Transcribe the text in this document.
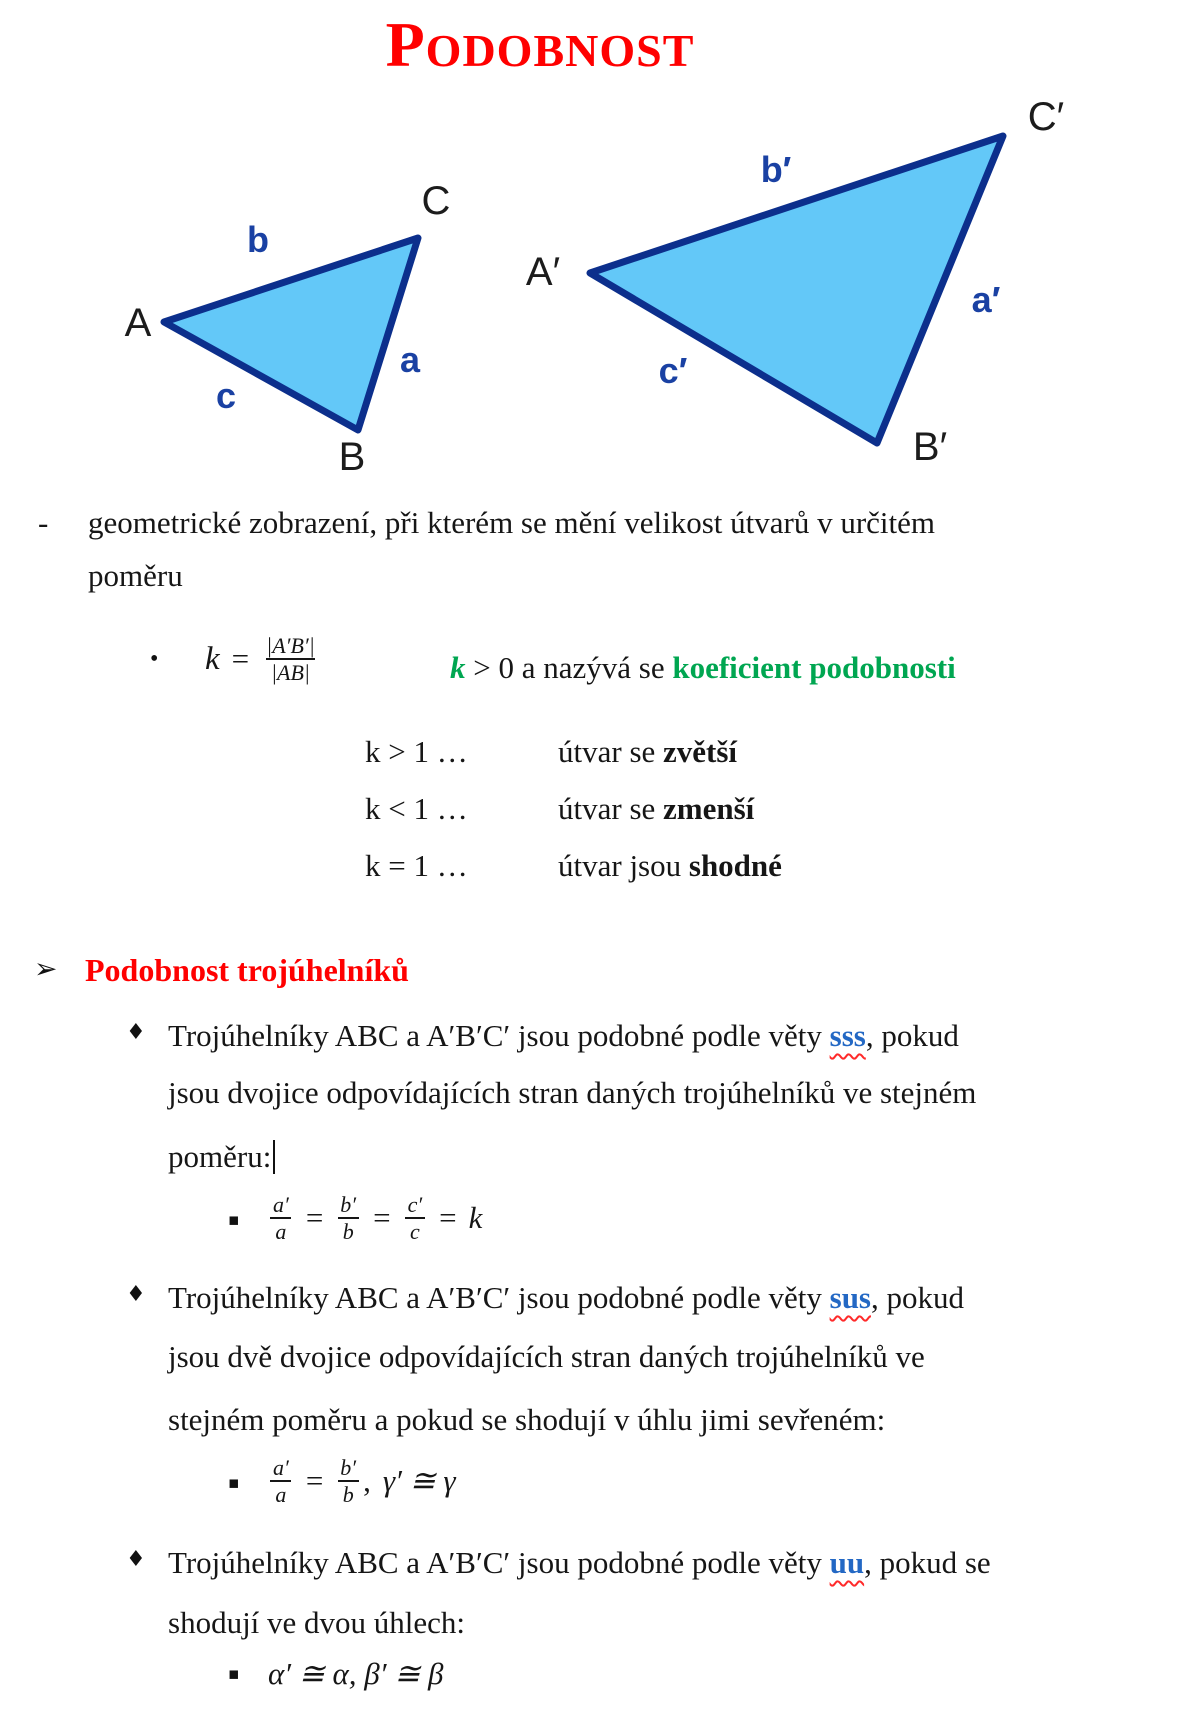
PODOBNOST
A
C
B
b
a
c
A′
C′
B′
b′
a′
c′
- geometrické zobrazení, při kterém se mění velikost útvarů v určitém
poměru
• $k = \frac{|A'B'|}{|AB|}$	k > 0 a nazývá se koeficient podobnosti
k > 1 …	útvar se zvětší
k < 1 …	útvar se zmenší
k = 1 …	útvar jsou shodné
➢ Podobnost trojúhelníků
♦ Trojúhelníky ABC a A′B′C′ jsou podobné podle věty sss, pokud
jsou dvojice odpovídajících stran daných trojúhelníků ve stejném
poměru:
▪ $\frac{a'}{a} = \frac{b'}{b} = \frac{c'}{c} = k$
♦ Trojúhelníky ABC a A′B′C′ jsou podobné podle věty sus, pokud
jsou dvě dvojice odpovídajících stran daných trojúhelníků ve
stejném poměru a pokud se shodují v úhlu jimi sevřeném:
▪ $\frac{a'}{a} = \frac{b'}{b}$ , γ′ ≅ γ
♦ Trojúhelníky ABC a A′B′C′ jsou podobné podle věty uu, pokud se
shodují ve dvou úhlech:
▪ α′ ≅ α, β′ ≅ β
